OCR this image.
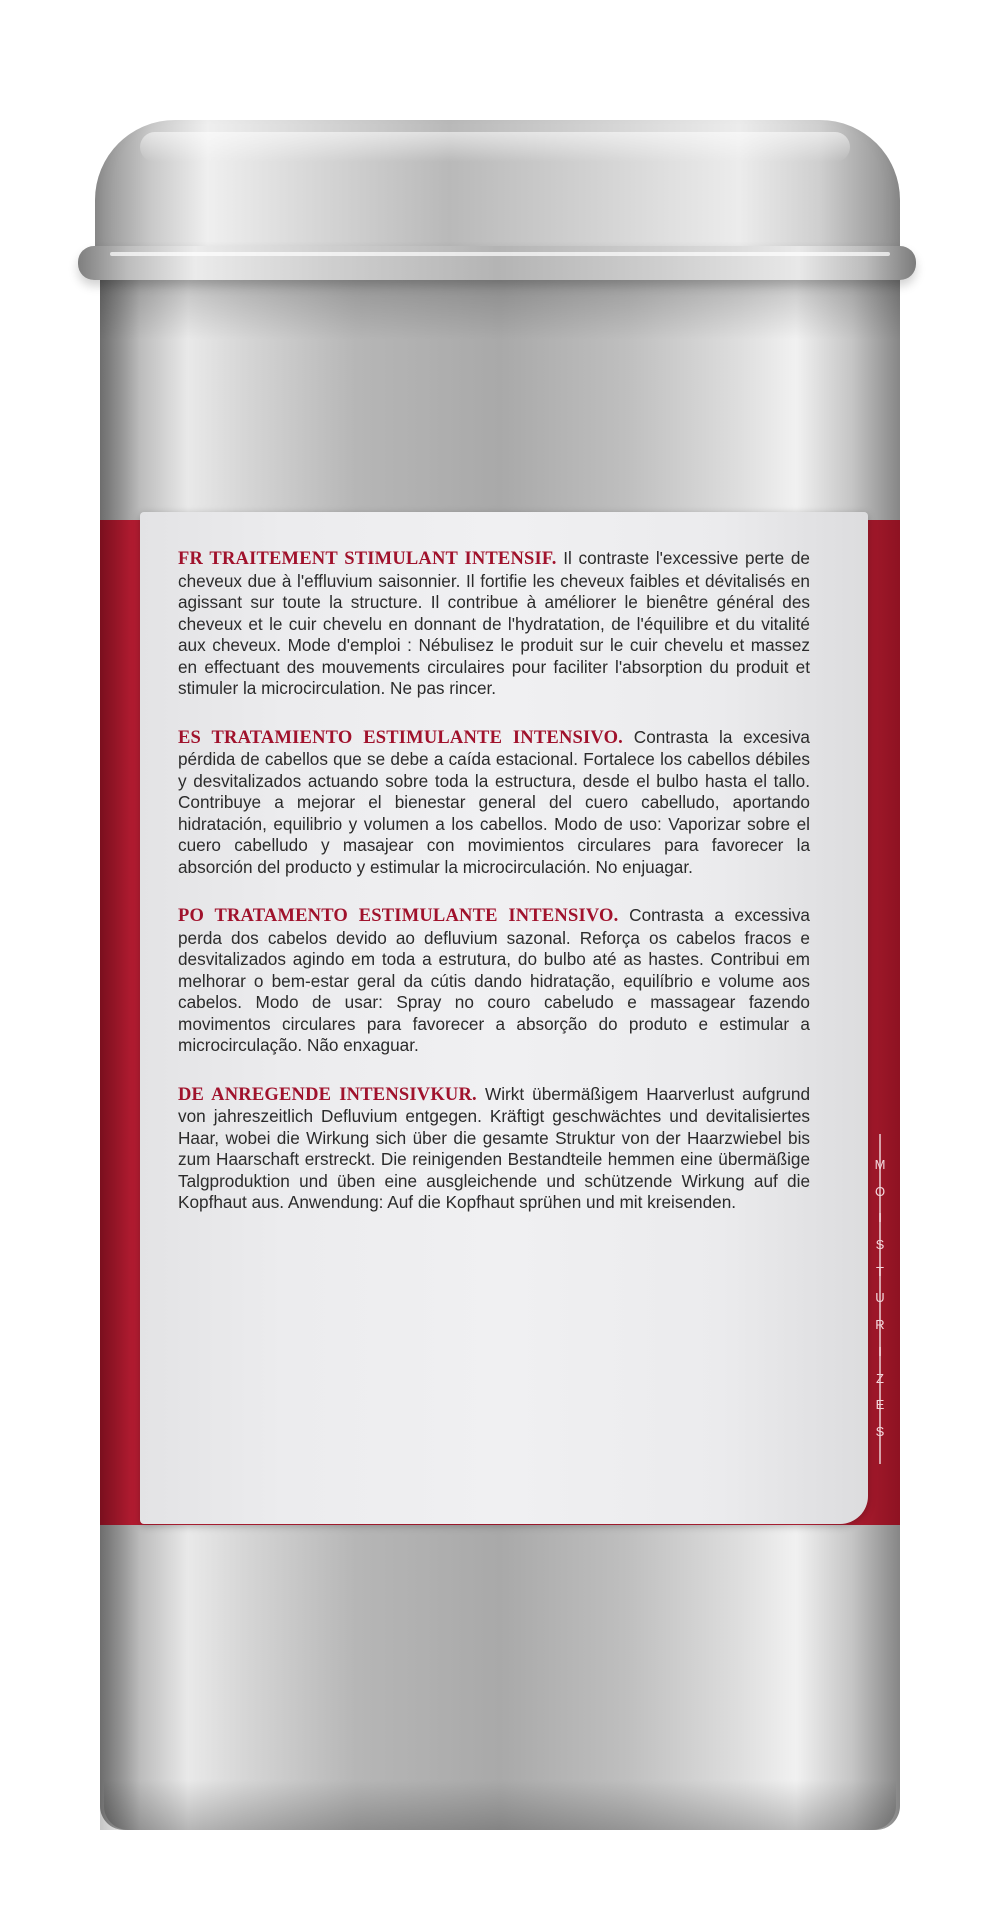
M
O
I
S
T
U
R
I
Z
E
S

FR TRAITEMENT STIMULANT INTENSIF. Il contraste l'excessive perte de cheveux due à l'effluvium saisonnier. Il fortifie les cheveux faibles et dévitalisés en agissant sur toute la structure. Il contribue à améliorer le bienêtre général des cheveux et le cuir chevelu en donnant de l'hydratation, de l'équilibre et du vitalité aux cheveux. Mode d'emploi : Nébulisez le produit sur le cuir chevelu et massez en effectuant des mouvements circulaires pour faciliter l'absorption du produit et stimuler la microcirculation. Ne pas rincer.

ES TRATAMIENTO ESTIMULANTE INTENSIVO. Contrasta la excesiva pérdida de cabellos que se debe a caída estacional. Fortalece los cabellos débiles y desvitalizados actuando sobre toda la estructura, desde el bulbo hasta el tallo. Contribuye a mejorar el bienestar general del cuero cabelludo, aportando hidratación, equilibrio y volumen a los cabellos. Modo de uso: Vaporizar sobre el cuero cabelludo y masajear con movimientos circulares para favorecer la absorción del producto y estimular la microcirculación. No enjuagar.

PO TRATAMENTO ESTIMULANTE INTENSIVO. Contrasta a excessiva perda dos cabelos devido ao defluvium sazonal. Reforça os cabelos fracos e desvitalizados agindo em toda a estrutura, do bulbo até as hastes. Contribui em melhorar o bem-estar geral da cútis dando hidratação, equilíbrio e volume aos cabelos. Modo de usar: Spray no couro cabeludo e massagear fazendo movimentos circulares para favorecer a absorção do produto e estimular a microcirculação. Não enxaguar.

DE ANREGENDE INTENSIVKUR. Wirkt übermäßigem Haarverlust aufgrund von jahreszeitlich Defluvium entgegen. Kräftigt geschwächtes und devitalisiertes Haar, wobei die Wirkung sich über die gesamte Struktur von der Haarzwiebel bis zum Haarschaft erstreckt. Die reinigenden Bestandteile hemmen eine übermäßige Talgproduktion und üben eine ausgleichende und schützende Wirkung auf die Kopfhaut aus. Anwendung: Auf die Kopfhaut sprühen und mit kreisenden.
